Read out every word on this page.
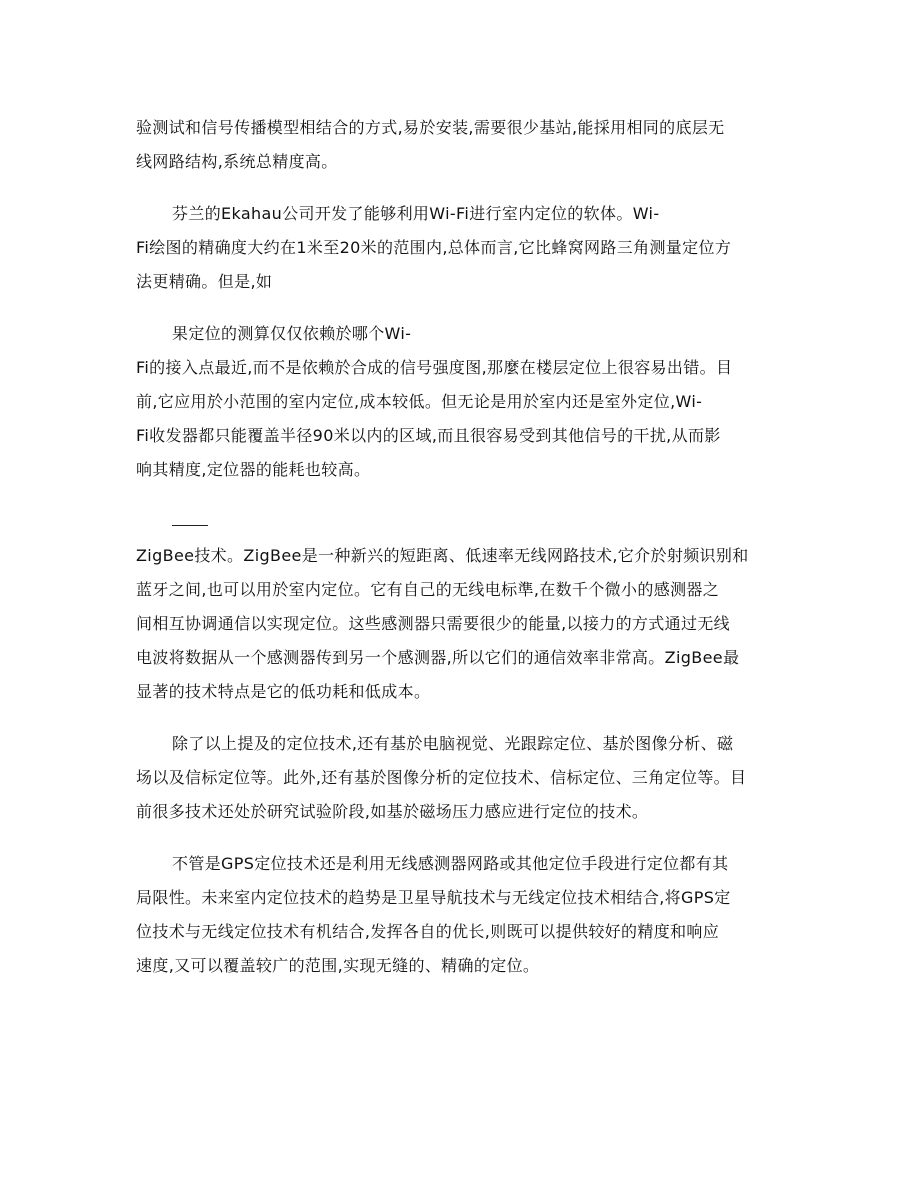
验测试和信号传播模型相结合的方式,易於安装,需要很少基站,能採用相同的底层无
线网路结构,系统总精度高。
芬兰的Ekahau公司开发了能够利用Wi-Fi进行室内定位的软体。Wi-
Fi绘图的精确度大约在1米至20米的范围内,总体而言,它比蜂窝网路三角测量定位方
法更精确。但是,如
果定位的测算仅仅依赖於哪个Wi-
Fi的接入点最近,而不是依赖於合成的信号强度图,那麼在楼层定位上很容易出错。目
前,它应用於小范围的室内定位,成本较低。但无论是用於室内还是室外定位,Wi-
Fi收发器都只能覆盖半径90米以内的区域,而且很容易受到其他信号的干扰,从而影
响其精度,定位器的能耗也较高。
ZigBee技术。ZigBee是一种新兴的短距离、低速率无线网路技术,它介於射频识别和
蓝牙之间,也可以用於室内定位。它有自己的无线电标準,在数千个微小的感测器之
间相互协调通信以实现定位。这些感测器只需要很少的能量,以接力的方式通过无线
电波将数据从一个感测器传到另一个感测器,所以它们的通信效率非常高。ZigBee最
显著的技术特点是它的低功耗和低成本。
除了以上提及的定位技术,还有基於电脑视觉、光跟踪定位、基於图像分析、磁
场以及信标定位等。此外,还有基於图像分析的定位技术、信标定位、三角定位等。目
前很多技术还处於研究试验阶段,如基於磁场压力感应进行定位的技术。
不管是GPS定位技术还是利用无线感测器网路或其他定位手段进行定位都有其
局限性。未来室内定位技术的趋势是卫星导航技术与无线定位技术相结合,将GPS定
位技术与无线定位技术有机结合,发挥各自的优长,则既可以提供较好的精度和响应
速度,又可以覆盖较广的范围,实现无缝的、精确的定位。
